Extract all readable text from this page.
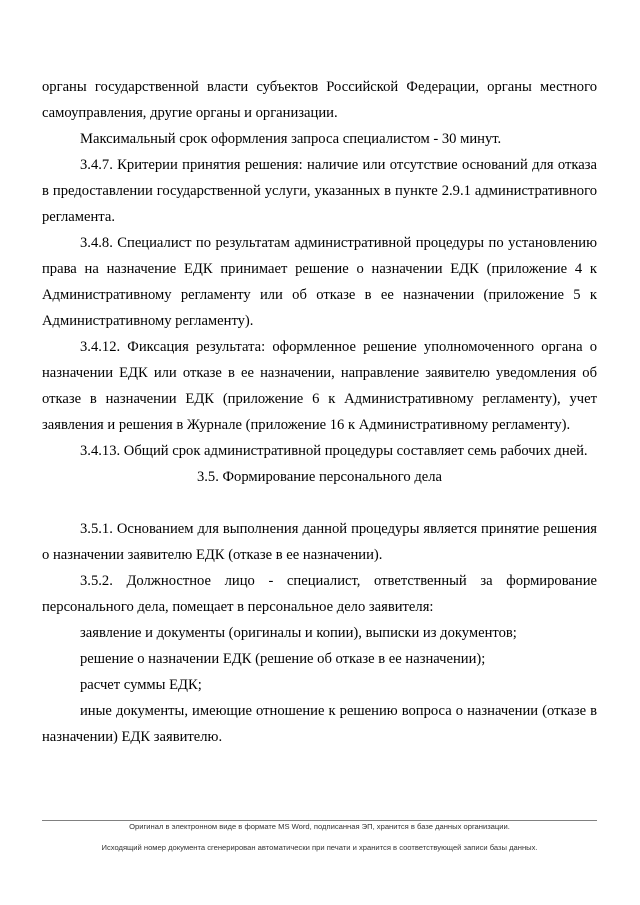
органы государственной власти субъектов Российской Федерации, органы местного самоуправления, другие органы и организации.

Максимальный срок оформления запроса специалистом - 30 минут.

3.4.7. Критерии принятия решения: наличие или отсутствие оснований для отказа в предоставлении государственной услуги, указанных в пункте 2.9.1 административного регламента.

3.4.8. Специалист по результатам административной процедуры по установлению права на назначение ЕДК принимает решение о назначении ЕДК (приложение 4 к Административному регламенту или об отказе в ее назначении (приложение 5 к Административному регламенту).

3.4.12. Фиксация результата: оформленное решение уполномоченного органа о назначении ЕДК или отказе в ее назначении, направление заявителю уведомления об отказе в назначении ЕДК (приложение 6 к Административному регламенту), учет заявления и решения в Журнале (приложение 16 к Административному регламенту).

3.4.13. Общий срок административной процедуры составляет семь рабочих дней.

3.5. Формирование персонального дела

3.5.1. Основанием для выполнения данной процедуры является принятие решения о назначении заявителю ЕДК (отказе в ее назначении).

3.5.2. Должностное лицо - специалист, ответственный за формирование персонального дела, помещает в персональное дело заявителя:

заявление и документы (оригиналы и копии), выписки из документов;

решение о назначении ЕДК (решение об отказе в ее назначении);

расчет суммы ЕДК;

иные документы, имеющие отношение к решению вопроса о назначении (отказе в назначении) ЕДК заявителю.

Оригинал в электронном виде в формате MS Word, подписанная ЭП, хранится в базе данных организации.
Исходящий номер документа сгенерирован автоматически при печати и хранится в соответствующей записи базы данных.
